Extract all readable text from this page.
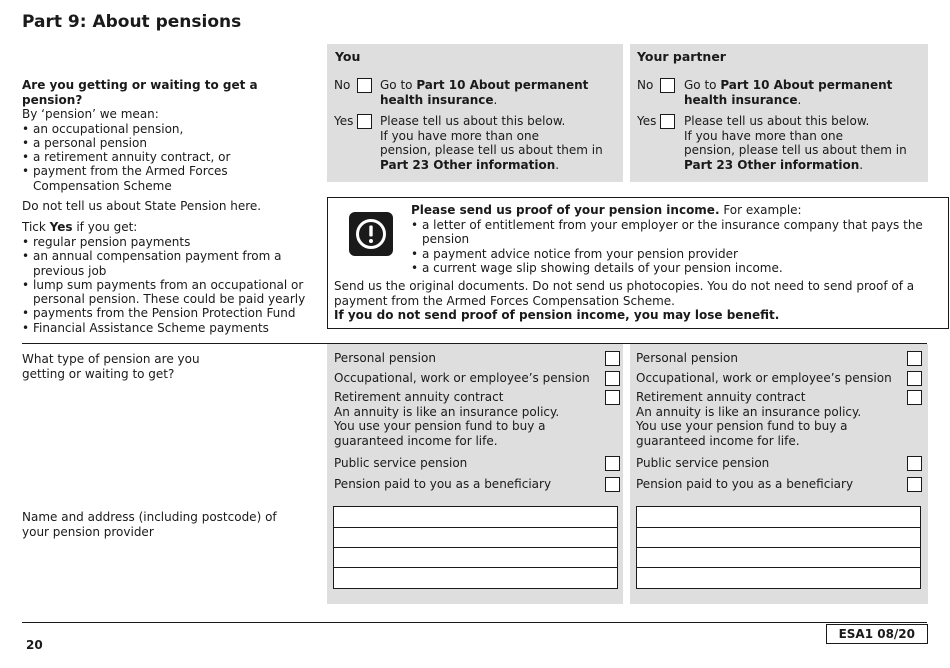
Part 9: About pensions
You
No Go to Part 10 About permanent health insurance.
Yes Please tell us about this below.
If you have more than one
pension, please tell us about them in
Part 23 Other information.
Your partner
No	Go to Part 10 About permanent health insurance.
Yes Please tell us about this below.
If you have more than one
pension, please tell us about them in
Part 23 Other information.
Are you getting or waiting to get a pension?
By ‘pension’ we mean:
• an occupational pension,
• a personal pension
• a retirement annuity contract, or
• payment from the Armed Forces Compensation Scheme
Do not tell us about State Pension here.
Tick Yes if you get:
• regular pension payments
• an annual compensation payment from a previous job
• lump sum payments from an occupational or personal pension. These could be paid yearly
• payments from the Pension Protection Fund
• Financial Assistance Scheme payments
Please send us proof of your pension income. For example:
• a letter of entitlement from your employer or the insurance company that pays the pension
• a payment advice notice from your pension provider
• a current wage slip showing details of your pension income.
Send us the original documents. Do not send us photocopies. You do not need to send proof of a payment from the Armed Forces Compensation Scheme.
If you do not send proof of pension income, you may lose benefit.
What type of pension are you
getting or waiting to get?
Name and address (including postcode) of your pension provider
Personal pension
Occupational, work or employee’s pension
Retirement annuity contract
An annuity is like an insurance policy. You use your pension fund to buy a guaranteed income for life.
Public service pension
Pension paid to you as a beneficiary
Personal pension
Occupational, work or employee’s pension
Retirement annuity contract
An annuity is like an insurance policy. You use your pension fund to buy a guaranteed income for life.
Public service pension
Pension paid to you as a beneficiary
20
ESA1 08/20
